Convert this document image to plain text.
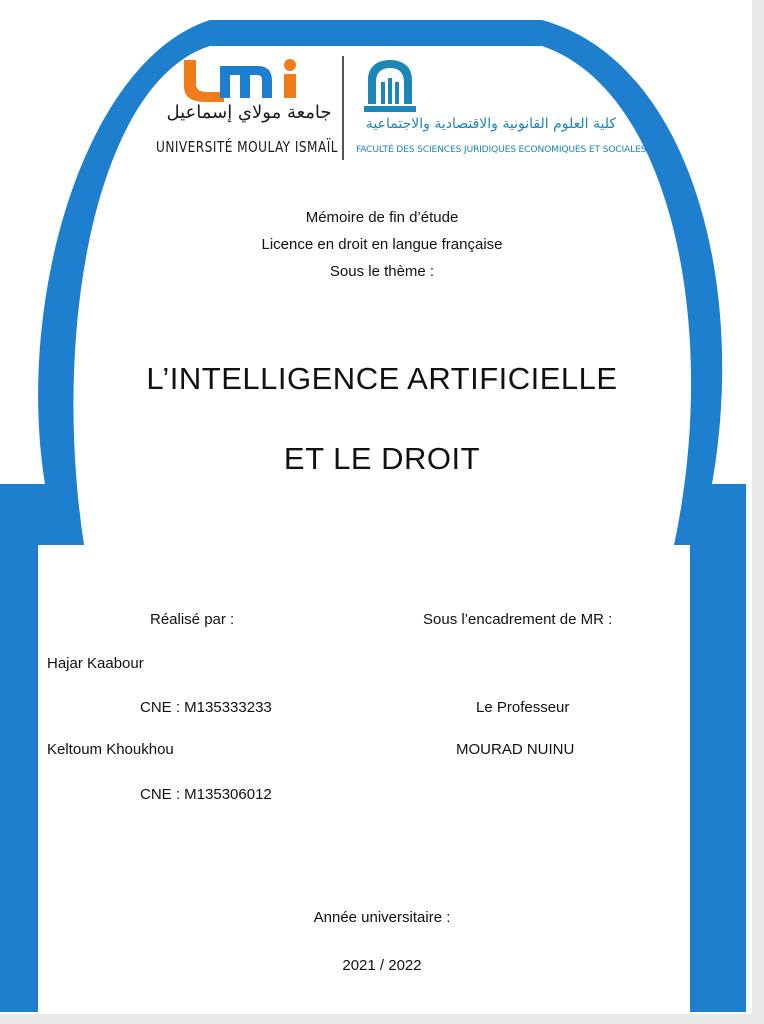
جامعة مولاي إسماعيل
UNIVERSITÉ MOULAY ISMAÏL
كلية العلوم القانونية والاقتصادية والاجتماعية
FACULTÉ DES SCIENCES JURIDIQUES ECONOMIQUES ET SOCIALES
Mémoire de fin d’étude
Licence en droit en langue française
Sous le thème :
L’INTELLIGENCE ARTIFICIELLE
ET LE DROIT
Réalisé par :
Hajar Kaabour
CNE : M135333233
Keltoum Khoukhou
CNE : M135306012
Sous l’encadrement de MR :
Le Professeur
MOURAD NUINU
Année universitaire :
2021 / 2022
